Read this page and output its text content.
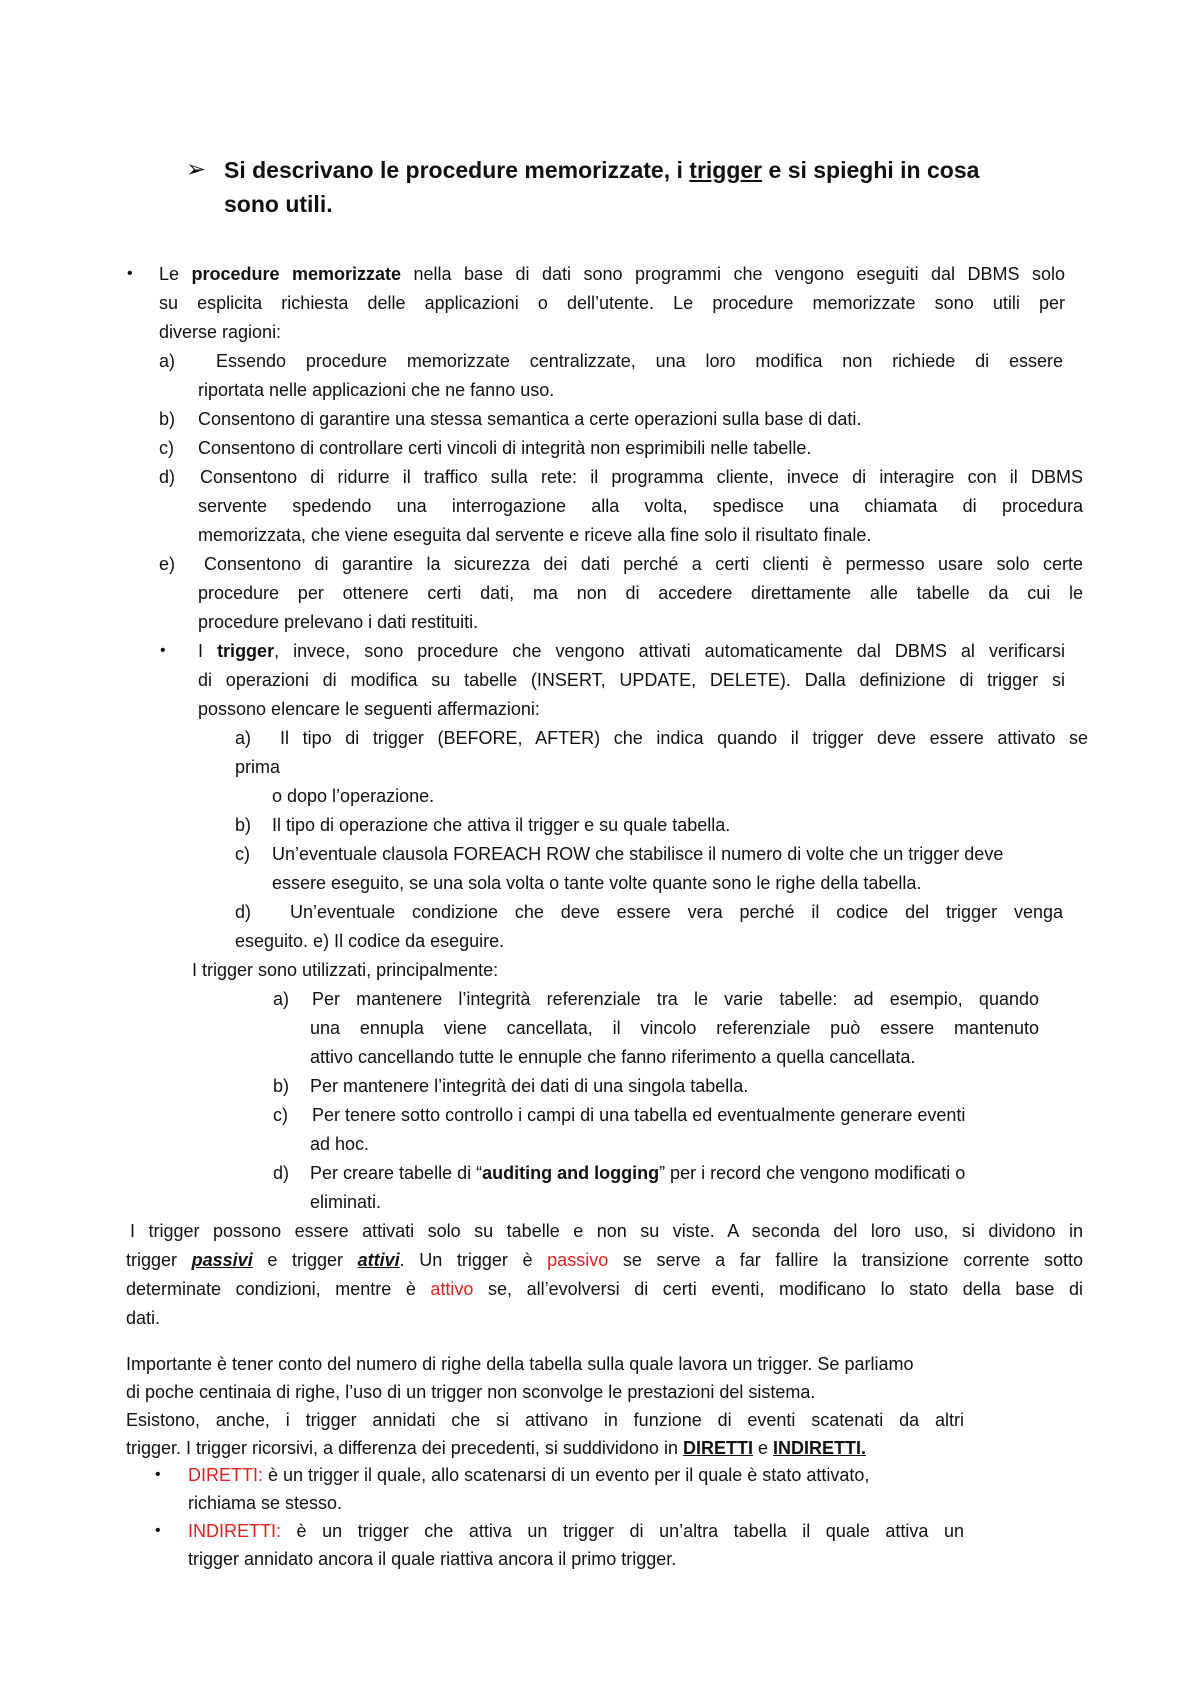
➢ Si descrivano le procedure memorizzate, i trigger e si spieghi in cosa
sono utili.
• Le procedure memorizzate nella base di dati sono programmi che vengono eseguiti dal DBMS solo
su esplicita richiesta delle applicazioni o dell’utente. Le procedure memorizzate sono utili per
diverse ragioni:
a) Essendo procedure memorizzate centralizzate, una loro modifica non richiede di essere
riportata nelle applicazioni che ne fanno uso.
b) Consentono di garantire una stessa semantica a certe operazioni sulla base di dati.
c) Consentono di controllare certi vincoli di integrità non esprimibili nelle tabelle.
d) Consentono di ridurre il traffico sulla rete: il programma cliente, invece di interagire con il DBMS
servente spedendo una interrogazione alla volta, spedisce una chiamata di procedura
memorizzata, che viene eseguita dal servente e riceve alla fine solo il risultato finale.
e) Consentono di garantire la sicurezza dei dati perché a certi clienti è permesso usare solo certe
procedure per ottenere certi dati, ma non di accedere direttamente alle tabelle da cui le
procedure prelevano i dati restituiti.
• I trigger, invece, sono procedure che vengono attivati automaticamente dal DBMS al verificarsi
di operazioni di modifica su tabelle (INSERT, UPDATE, DELETE). Dalla definizione di trigger si
possono elencare le seguenti affermazioni:
a) Il tipo di trigger (BEFORE, AFTER) che indica quando il trigger deve essere attivato se
prima
o dopo l’operazione.
b) Il tipo di operazione che attiva il trigger e su quale tabella.
c) Un’eventuale clausola FOREACH ROW che stabilisce il numero di volte che un trigger deve
essere eseguito, se una sola volta o tante volte quante sono le righe della tabella.
d) Un’eventuale condizione che deve essere vera perché il codice del trigger venga
eseguito. e) Il codice da eseguire.
I trigger sono utilizzati, principalmente:
a) Per mantenere l’integrità referenziale tra le varie tabelle: ad esempio, quando
una ennupla viene cancellata, il vincolo referenziale può essere mantenuto
attivo cancellando tutte le ennuple che fanno riferimento a quella cancellata.
b) Per mantenere l’integrità dei dati di una singola tabella.
c) Per tenere sotto controllo i campi di una tabella ed eventualmente generare eventi
ad hoc.
d) Per creare tabelle di “auditing and logging” per i record che vengono modificati o
eliminati.
I trigger possono essere attivati solo su tabelle e non su viste. A seconda del loro uso, si dividono in
trigger passivi e trigger attivi. Un trigger è passivo se serve a far fallire la transizione corrente sotto
determinate condizioni, mentre è attivo se, all’evolversi di certi eventi, modificano lo stato della base di
dati.
Importante è tener conto del numero di righe della tabella sulla quale lavora un trigger. Se parliamo
di poche centinaia di righe, l’uso di un trigger non sconvolge le prestazioni del sistema.
Esistono, anche, i trigger annidati che si attivano in funzione di eventi scatenati da altri
trigger. I trigger ricorsivi, a differenza dei precedenti, si suddividono in DIRETTI e INDIRETTI.
• DIRETTI: è un trigger il quale, allo scatenarsi di un evento per il quale è stato attivato,
richiama se stesso.
• INDIRETTI: è un trigger che attiva un trigger di un’altra tabella il quale attiva un
trigger annidato ancora il quale riattiva ancora il primo trigger.
